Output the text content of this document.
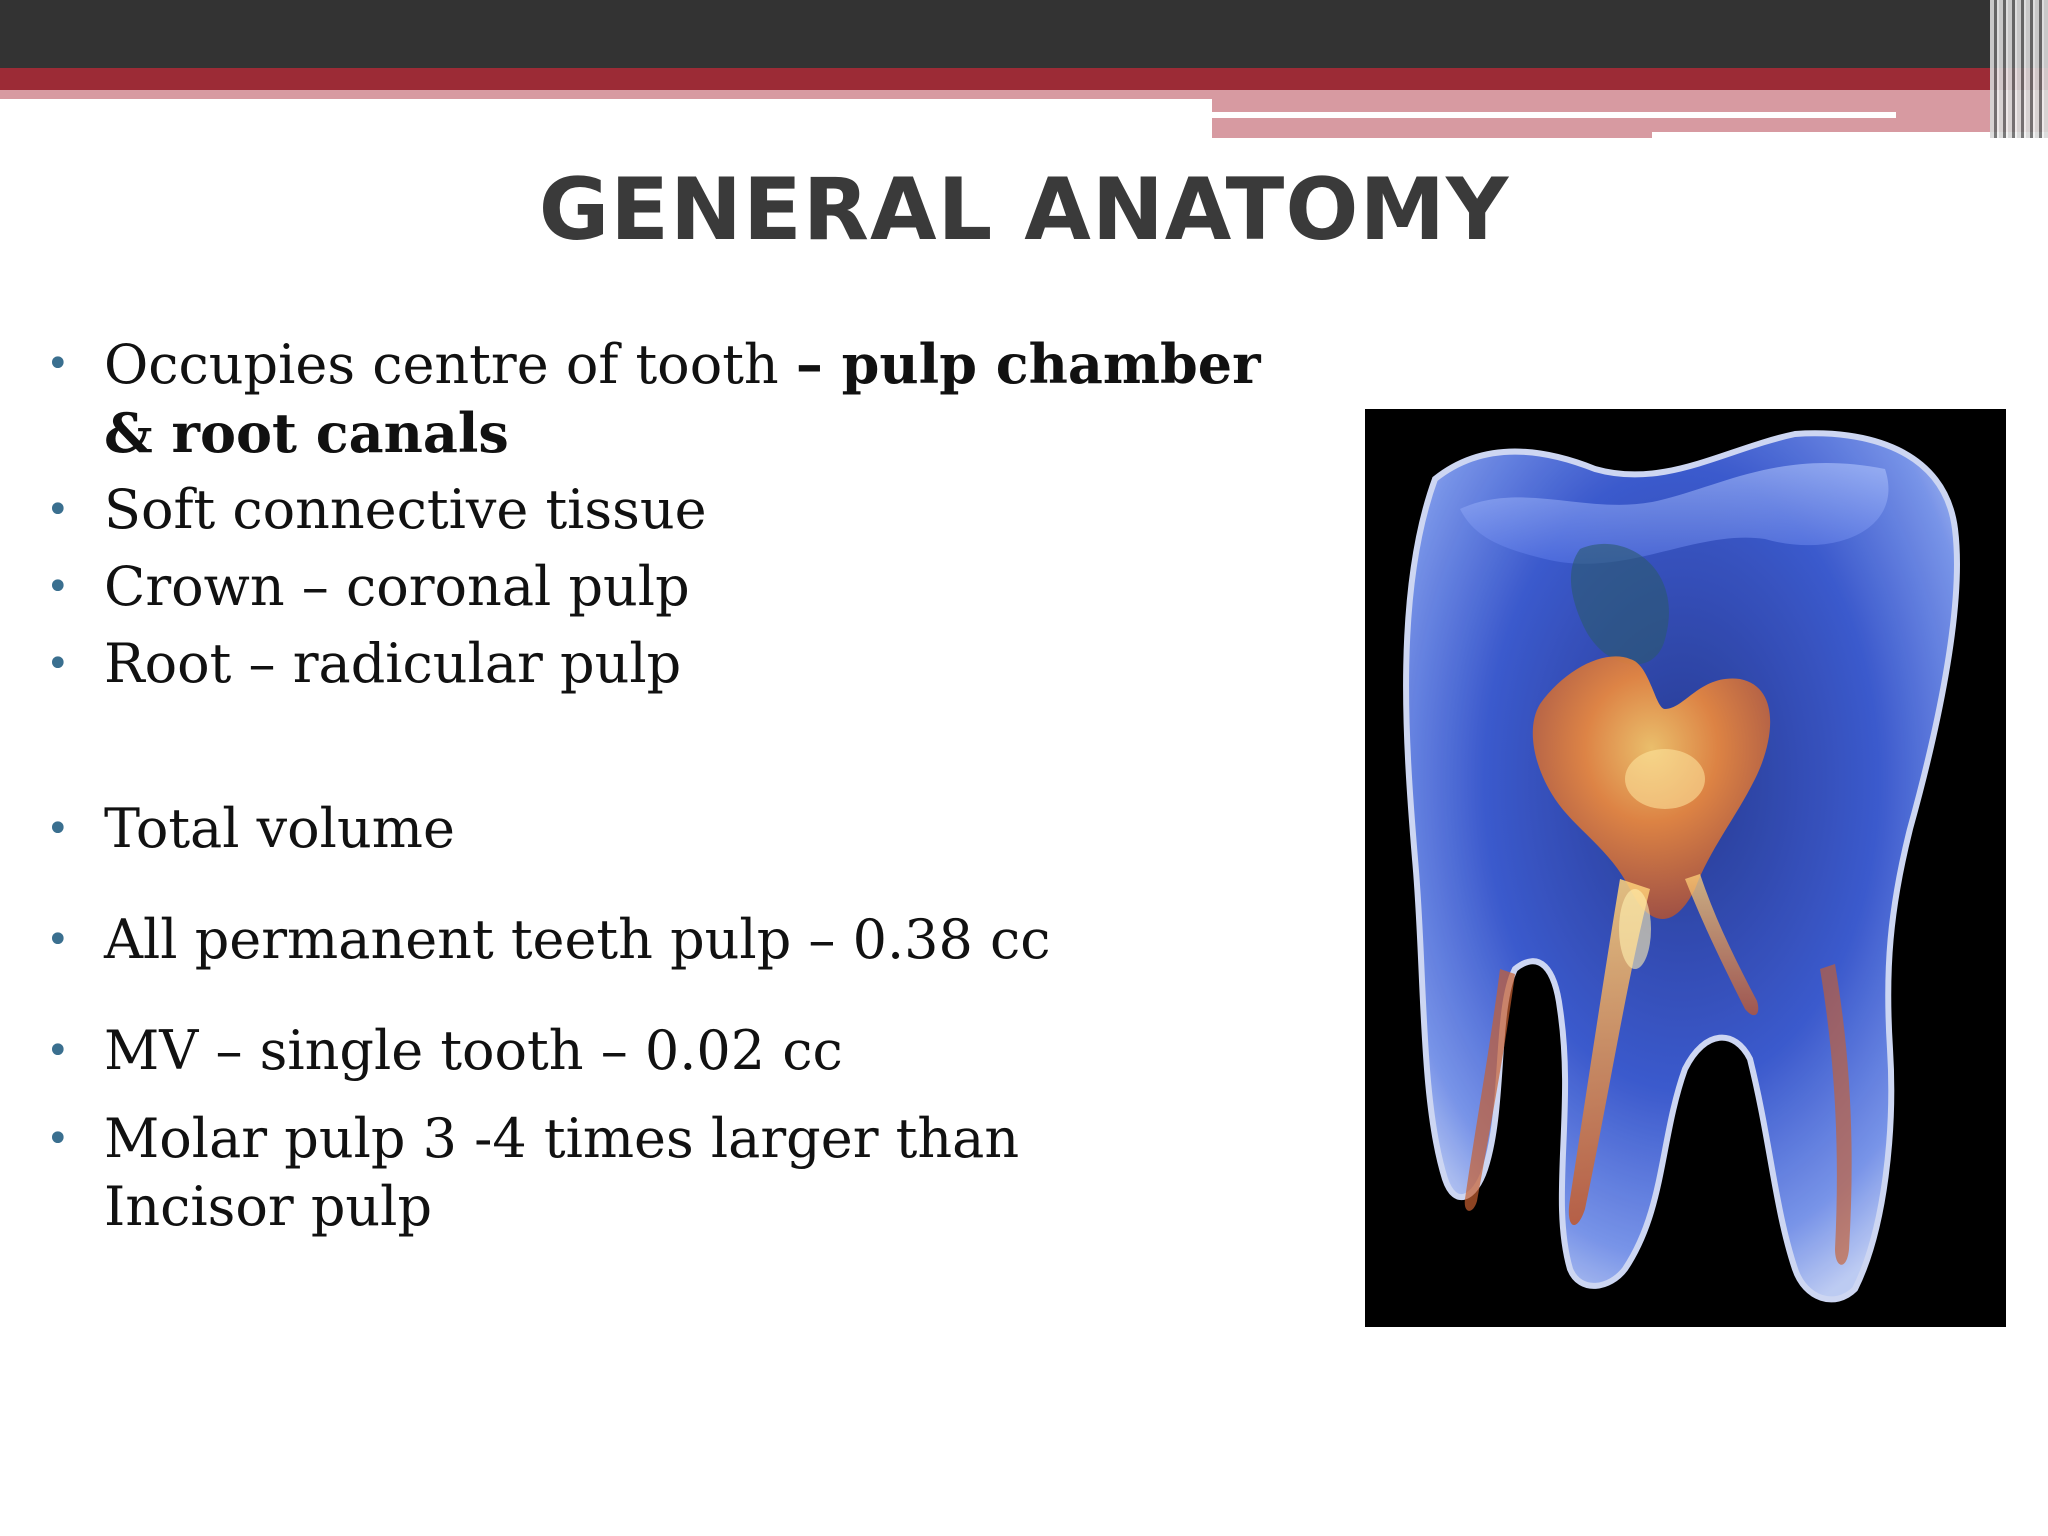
GENERAL ANATOMY
• Occupies centre of tooth – pulp chamber & root canals
• Soft connective tissue
• Crown – coronal pulp
• Root – radicular pulp
• Total volume
• All permanent teeth pulp – 0.38 cc
• MV – single tooth – 0.02 cc
• Molar pulp 3 -4 times larger than Incisor pulp
